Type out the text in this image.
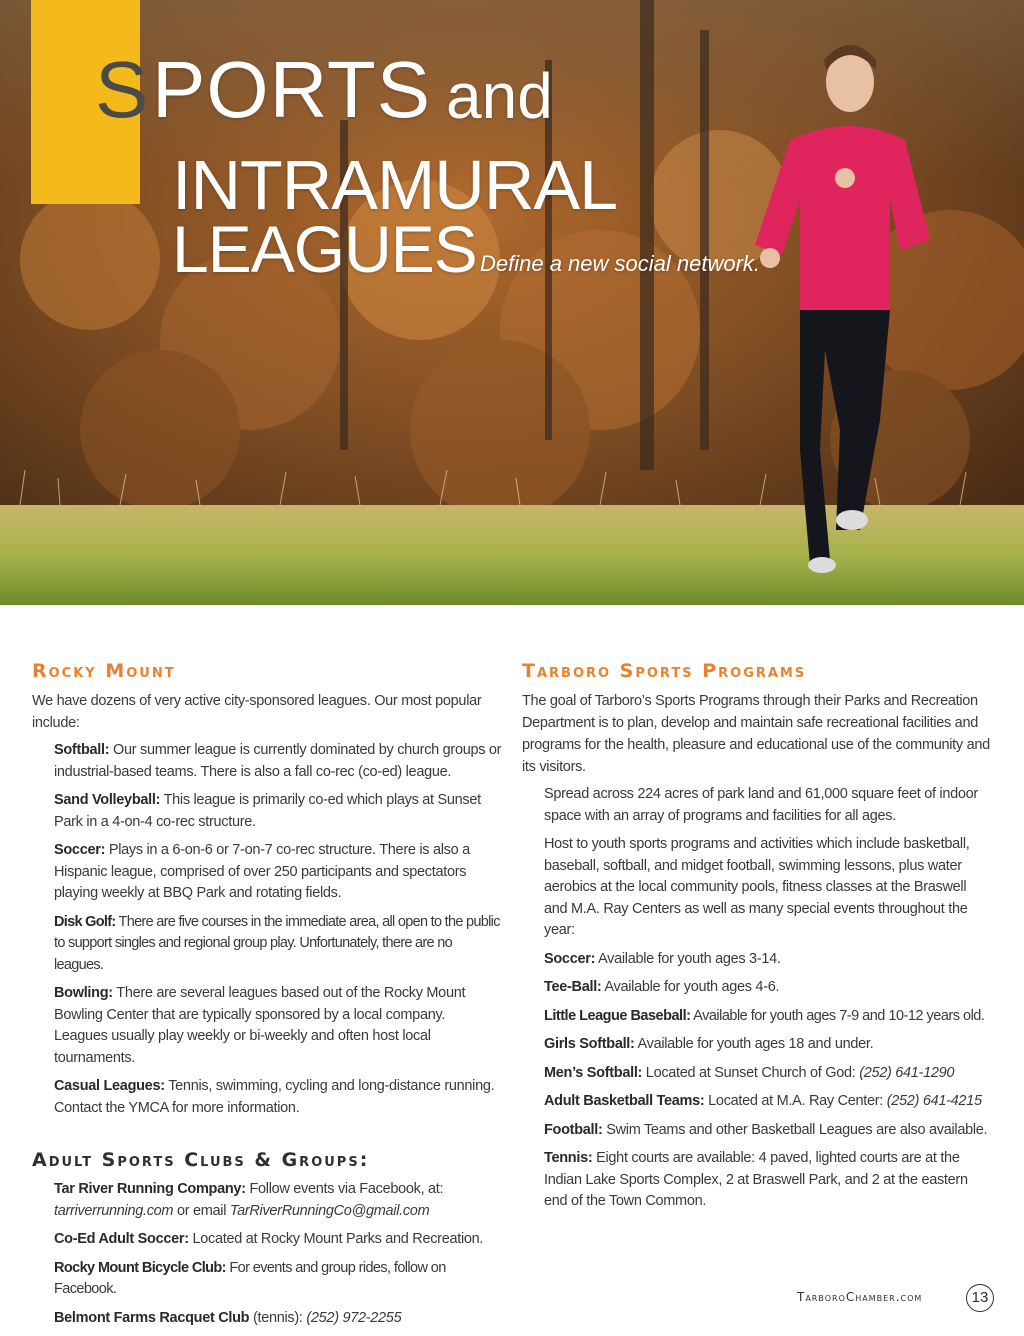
S PORTS and
INTRAMURAL
LEAGUES Define a new social network.
Rocky Mount
We have dozens of very active city-sponsored leagues. Our most popular include:
Softball: Our summer league is currently dominated by church groups or industrial-based teams. There is also a fall co-rec (co-ed) league.
Sand Volleyball: This league is primarily co-ed which plays at Sunset Park in a 4-on-4 co-rec structure.
Soccer: Plays in a 6-on-6 or 7-on-7 co-rec structure. There is also a Hispanic league, comprised of over 250 participants and spectators playing weekly at BBQ Park and rotating fields.
Disk Golf: There are five courses in the immediate area, all open to the public to support singles and regional group play. Unfortunately, there are no leagues.
Bowling: There are several leagues based out of the Rocky Mount Bowling Center that are typically sponsored by a local company. Leagues usually play weekly or bi-weekly and often host local tournaments.
Casual Leagues: Tennis, swimming, cycling and long-distance running. Contact the YMCA for more information.
Adult Sports Clubs & Groups:
Tar River Running Company: Follow events via Facebook, at:
tarriverrunning.com or email TarRiverRunningCo@gmail.com
Co-Ed Adult Soccer: Located at Rocky Mount Parks and Recreation.
Rocky Mount Bicycle Club: For events and group rides, follow on Facebook.
Belmont Farms Racquet Club (tennis): (252) 972-2255
Tarboro Sports Programs
The goal of Tarboro’s Sports Programs through their Parks and Recreation Department is to plan, develop and maintain safe recreational facilities and programs for the health, pleasure and educational use of the community and its visitors.
Spread across 224 acres of park land and 61,000 square feet of indoor space with an array of programs and facilities for all ages.
Host to youth sports programs and activities which include basketball, baseball, softball, and midget football, swimming lessons, plus water aerobics at the local community pools, fitness classes at the Braswell and M.A. Ray Centers as well as many special events throughout the year:
Soccer: Available for youth ages 3-14.
Tee-Ball: Available for youth ages 4-6.
Little League Baseball: Available for youth ages 7-9 and 10-12 years old.
Girls Softball: Available for youth ages 18 and under.
Men’s Softball: Located at Sunset Church of God: (252) 641-1290
Adult Basketball Teams: Located at M.A. Ray Center: (252) 641-4215
Football: Swim Teams and other Basketball Leagues are also available.
Tennis: Eight courts are available: 4 paved, lighted courts are at the Indian Lake Sports Complex, 2 at Braswell Park, and 2 at the eastern end of the Town Common.
TarboroChamber.com	13
